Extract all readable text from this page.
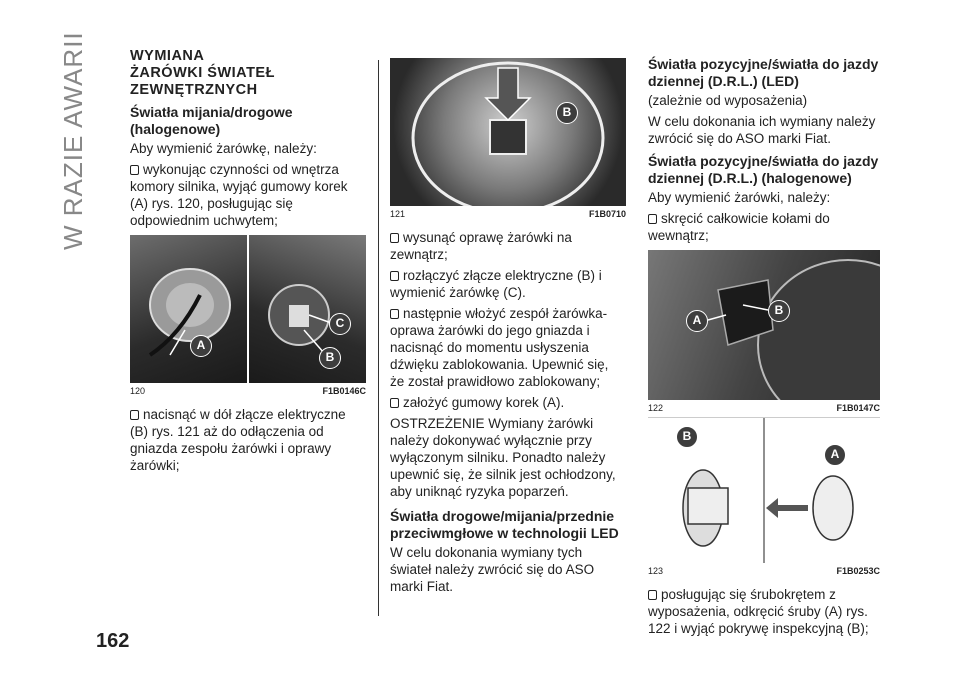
W RAZIE AWARII	WYMIANA
ŻARÓWKI ŚWIATEŁ
ZEWNĘTRZNYCH
Światła mijania/drogowe (halogenowe)

Aby wymienić żarówkę, należy:

wykonując czynności od wnętrza komory silnika, wyjąć gumowy korek (A) rys. 120, posługując się odpowiednim uchwytem;

A
C
B
120	F1B0146C

nacisnąć w dół złącze elektryczne (B) rys. 121 aż do odłączenia od gniazda zespołu żarówki i oprawy żarówki;

B
121	F1B0710

wysunąć oprawę żarówki na zewnątrz;

rozłączyć złącze elektryczne (B) i wymienić żarówkę (C).

następnie włożyć zespół żarówka-oprawa żarówki do jego gniazda i nacisnąć do momentu usłyszenia dźwięku zablokowania. Upewnić się, że został prawidłowo zablokowany;

założyć gumowy korek (A).

OSTRZEŻENIE Wymiany żarówki należy dokonywać wyłącznie przy wyłączonym silniku. Ponadto należy upewnić się, że silnik jest ochłodzony, aby uniknąć ryzyka poparzeń.

Światła drogowe/mijania/przednie przeciwmgłowe w technologii LED

W celu dokonania wymiany tych świateł należy zwrócić się do ASO marki Fiat.

Światła pozycyjne/światła do jazdy dziennej (D.R.L.) (LED)

(zależnie od wyposażenia)

W celu dokonania ich wymiany należy zwrócić się do ASO marki Fiat.

Światła pozycyjne/światła do jazdy dziennej (D.R.L.) (halogenowe)

Aby wymienić żarówki, należy:

skręcić całkowicie kołami do wewnątrz;

A
B
122	F1B0147C
B
A
123	F1B0253C

posługując się śrubokrętem z wyposażenia, odkręcić śruby (A) rys. 122 i wyjąć pokrywę inspekcyjną (B);

162
